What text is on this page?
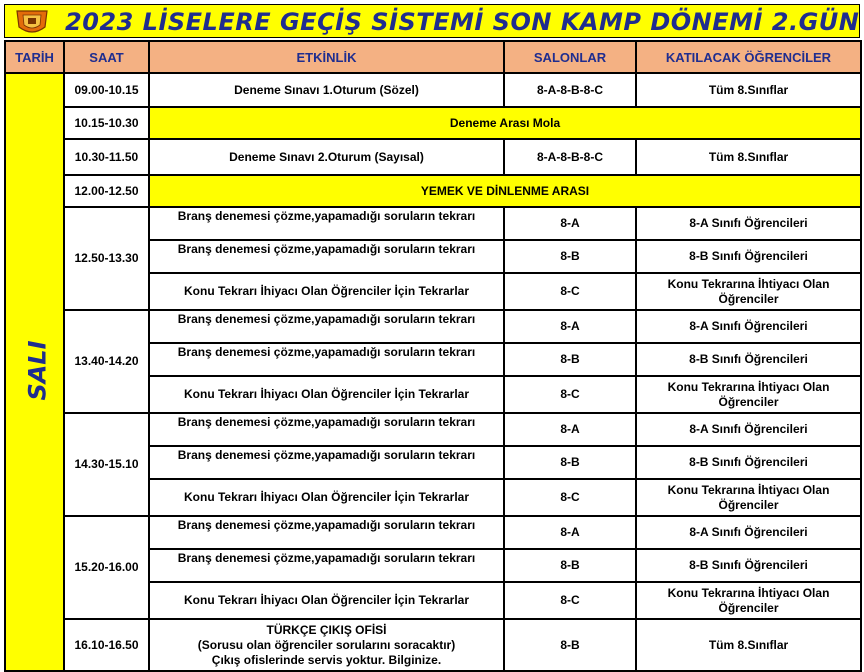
2023 LİSELERE GEÇİŞ SİSTEMİ SON KAMP DÖNEMİ 2.GÜN
TARİH	SAAT	ETKİNLİK	SALONLAR	KATILACAK ÖĞRENCİLER
SALI	09.00-10.15	Deneme Sınavı 1.Oturum (Sözel)	8-A-8-B-8-C	Tüm 8.Sınıflar
	10.15-10.30	Deneme Arası Mola		
	10.30-11.50	Deneme Sınavı 2.Oturum (Sayısal)	8-A-8-B-8-C	Tüm 8.Sınıflar
	12.00-12.50	YEMEK VE DİNLENME ARASI		
	12.50-13.30	Branş denemesi çözme,yapamadığı soruların tekrarı	8-A	8-A Sınıfı Öğrencileri
		Branş denemesi çözme,yapamadığı soruların tekrarı	8-B	8-B Sınıfı Öğrencileri
		Konu Tekrarı İhiyacı Olan Öğrenciler İçin Tekrarlar	8-C	Konu Tekrarına İhtiyacı Olan Öğrenciler
	13.40-14.20	Branş denemesi çözme,yapamadığı soruların tekrarı	8-A	8-A Sınıfı Öğrencileri
		Branş denemesi çözme,yapamadığı soruların tekrarı	8-B	8-B Sınıfı Öğrencileri
		Konu Tekrarı İhiyacı Olan Öğrenciler İçin Tekrarlar	8-C	Konu Tekrarına İhtiyacı Olan Öğrenciler
	14.30-15.10	Branş denemesi çözme,yapamadığı soruların tekrarı	8-A	8-A Sınıfı Öğrencileri
		Branş denemesi çözme,yapamadığı soruların tekrarı	8-B	8-B Sınıfı Öğrencileri
		Konu Tekrarı İhiyacı Olan Öğrenciler İçin Tekrarlar	8-C	Konu Tekrarına İhtiyacı Olan Öğrenciler
	15.20-16.00	Branş denemesi çözme,yapamadığı soruların tekrarı	8-A	8-A Sınıfı Öğrencileri
		Branş denemesi çözme,yapamadığı soruların tekrarı	8-B	8-B Sınıfı Öğrencileri
		Konu Tekrarı İhiyacı Olan Öğrenciler İçin Tekrarlar	8-C	Konu Tekrarına İhtiyacı Olan Öğrenciler
	16.10-16.50	TÜRKÇE ÇIKIŞ OFİSİ
(Sorusu olan öğrenciler sorularını soracaktır)
Çıkış ofislerinde servis yoktur. Bilginize.	8-B	Tüm 8.Sınıflar
